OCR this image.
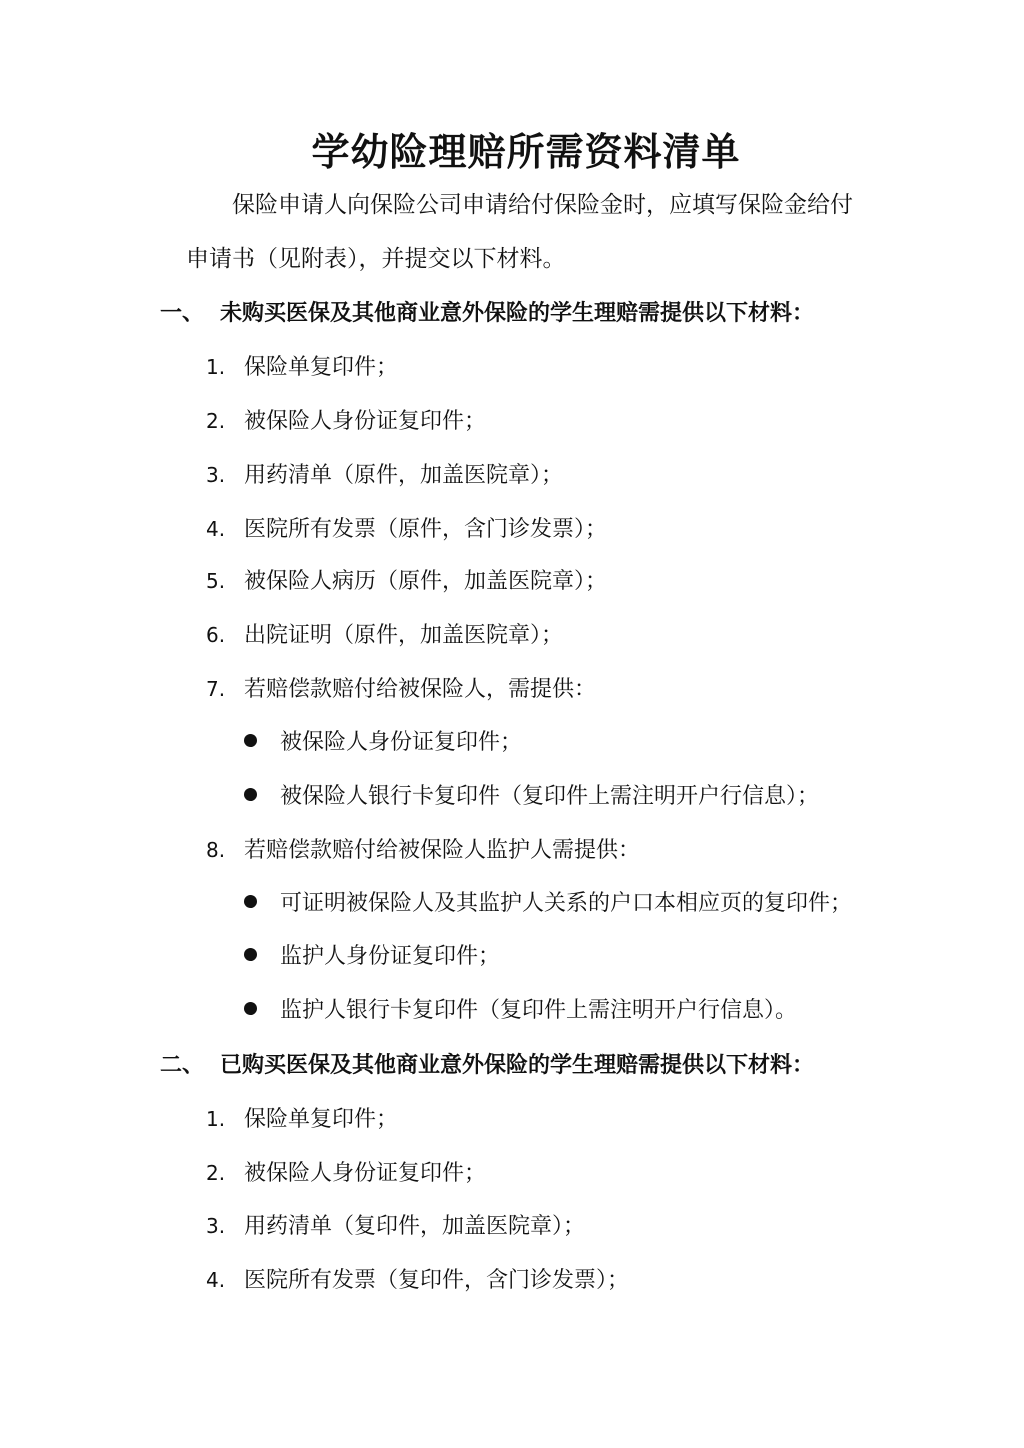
学幼险理赔所需资料清单
保险申请人向保险公司申请给付保险金时，应填写保险金给付
申请书（见附表），并提交以下材料。
一、 未购买医保及其他商业意外保险的学生理赔需提供以下材料：
1. 保险单复印件；
2. 被保险人身份证复印件；
3. 用药清单（原件，加盖医院章）；
4. 医院所有发票（原件，含门诊发票）；
5. 被保险人病历（原件，加盖医院章）；
6. 出院证明（原件，加盖医院章）；
7. 若赔偿款赔付给被保险人，需提供：
被保险人身份证复印件；
被保险人银行卡复印件（复印件上需注明开户行信息）；
8. 若赔偿款赔付给被保险人监护人需提供：
可证明被保险人及其监护人关系的户口本相应页的复印件；
监护人身份证复印件；
监护人银行卡复印件（复印件上需注明开户行信息）。
二、 已购买医保及其他商业意外保险的学生理赔需提供以下材料：
1. 保险单复印件；
2. 被保险人身份证复印件；
3. 用药清单（复印件，加盖医院章）；
4. 医院所有发票（复印件，含门诊发票）；
